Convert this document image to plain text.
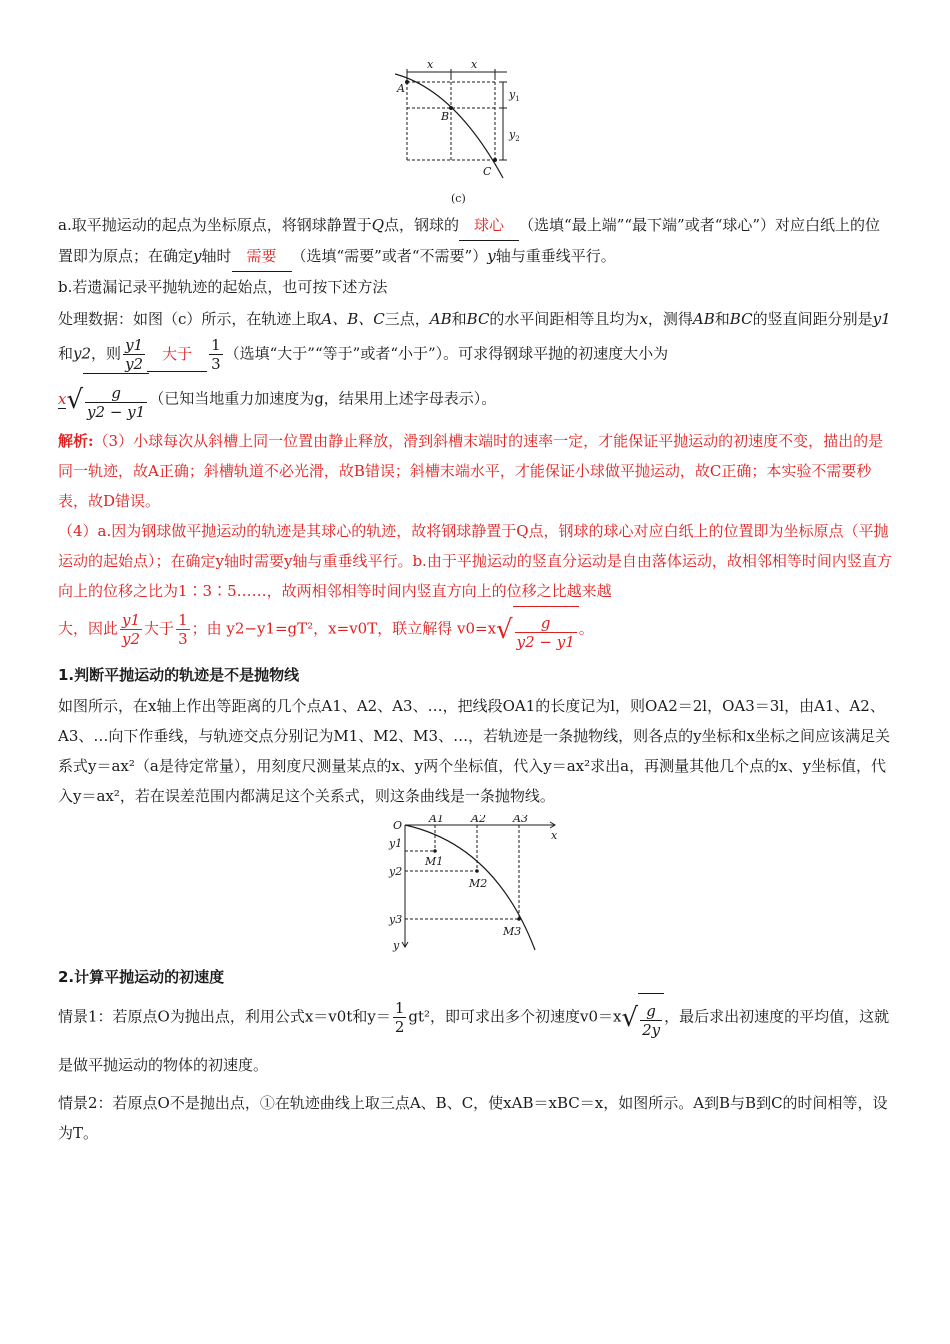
x	x
$y_1$
$y_2$
A
B
C
(c)

a.取平抛运动的起点为坐标原点，将钢球静置于Q点，钢球的 球心 （选填“最上端”“最下端”或者“球心”）对应白纸上的位置即为原点；在确定y轴时 需要 （选填“需要”或者“不需要”）y轴与重垂线平行。

b.若遗漏记录平抛轨迹的起始点，也可按下述方法

处理数据：如图（c）所示，在轨迹上取A、B、C三点，AB和BC的水平间距相等且均为x，测得AB和BC的竖直间距分别是y1和y2，则 $\frac{y1}{y2}$ 大于 $\frac{1}{3}$ （选填“大于”“等于”或者“小于”）。可求得钢球平抛的初速度大小为

x √ $\frac{g}{y2 - y1}$ （已知当地重力加速度为g，结果用上述字母表示）。

解析:（3）小球每次从斜槽上同一位置由静止释放，滑到斜槽末端时的速率一定，才能保证平抛运动的初速度不变，描出的是同一轨迹，故A正确；斜槽轨道不必光滑，故B错误；斜槽末端水平，才能保证小球做平抛运动，故C正确；本实验不需要秒表，故D错误。

（4）a.因为钢球做平抛运动的轨迹是其球心的轨迹，故将钢球静置于Q点，钢球的球心对应白纸上的位置即为坐标原点（平抛运动的起始点）；在确定y轴时需要y轴与重垂线平行。b.由于平抛运动的竖直分运动是自由落体运动，故相邻相等时间内竖直方向上的位移之比为1∶3∶5……，故两相邻相等时间内竖直方向上的位移之比越来越

大，因此 $\frac{y1}{y2}$ 大于 $\frac{1}{3}$ ；由 y2−y1=gT²，x=v0T，联立解得 v0=x √ $\frac{g}{y2 - y1}$ 。

1.判断平抛运动的轨迹是不是抛物线

如图所示，在x轴上作出等距离的几个点A1、A2、A3、…，把线段OA1的长度记为l，则OA2＝2l，OA3＝3l，由A1、A2、A3、…向下作垂线，与轨迹交点分别记为M1、M2、M3、…，若轨迹是一条抛物线，则各点的y坐标和x坐标之间应该满足关系式y＝ax²（a是待定常量），用刻度尺测量某点的x、y两个坐标值，代入y＝ax²求出a，再测量其他几个点的x、y坐标值，代入y＝ax²，若在误差范围内都满足这个关系式，则这条曲线是一条抛物线。

O
x
y
A1 A2 A3
y1
y2
y3
M1
M2
M3
2.计算平抛运动的初速度

情景1：若原点O为抛出点，利用公式x＝v0t和$y= \frac{1}{2} gt^2$，即可求出多个初速度v0＝x √ $\frac{g}{2y}$ ，最后求出初速度的平均值，这就是做平抛运动的物体的初速度。

情景2：若原点O不是抛出点，①在轨迹曲线上取三点A、B、C，使xAB＝xBC＝x，如图所示。A到B与B到C的时间相等，设为T。
